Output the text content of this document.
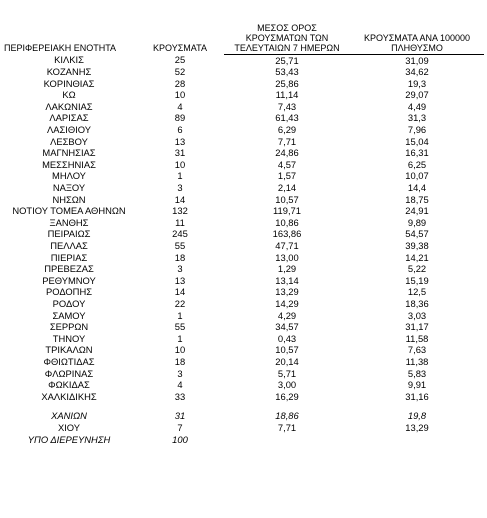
ΠΕΡΙΦΕΡΕΙΑΚΗ ΕΝΟΤΗΤΑ	ΚΡΟΥΣΜΑΤΑ	ΜΕΣΟΣ ΟΡΟΣ ΚΡΟΥΣΜΑΤΩΝ ΤΩΝ ΤΕΛΕΥΤΑΙΩΝ 7 ΗΜΕΡΩΝ	ΚΡΟΥΣΜΑΤΑ ΑΝΑ 100000 ΠΛΗΘΥΣΜΟ
ΚΙΛΚΙΣ	25	25,71	31,09
ΚΟΖΑΝΗΣ	52	53,43	34,62
ΚΟΡΙΝΘΙΑΣ	28	25,86	19,3
ΚΩ	10	11,14	29,07
ΛΑΚΩΝΙΑΣ	4	7,43	4,49
ΛΑΡΙΣΑΣ	89	61,43	31,3
ΛΑΣΙΘΙΟΥ	6	6,29	7,96
ΛΕΣΒΟΥ	13	7,71	15,04
ΜΑΓΝΗΣΙΑΣ	31	24,86	16,31
ΜΕΣΣΗΝΙΑΣ	10	4,57	6,25
ΜΗΛΟΥ	1	1,57	10,07
ΝΑΞΟΥ	3	2,14	14,4
ΝΗΣΩΝ	14	10,57	18,75
ΝΟΤΙΟΥ ΤΟΜΕΑ ΑΘΗΝΩΝ	132	119,71	24,91
ΞΑΝΘΗΣ	11	10,86	9,89
ΠΕΙΡΑΙΩΣ	245	163,86	54,57
ΠΕΛΛΑΣ	55	47,71	39,38
ΠΙΕΡΙΑΣ	18	13,00	14,21
ΠΡΕΒΕΖΑΣ	3	1,29	5,22
ΡΕΘΥΜΝΟΥ	13	13,14	15,19
ΡΟΔΟΠΗΣ	14	13,29	12,5
ΡΟΔΟΥ	22	14,29	18,36
ΣΑΜΟΥ	1	4,29	3,03
ΣΕΡΡΩΝ	55	34,57	31,17
ΤΗΝΟΥ	1	0,43	11,58
ΤΡΙΚΑΛΩΝ	10	10,57	7,63
ΦΘΙΩΤΙΔΑΣ	18	20,14	11,38
ΦΛΩΡΙΝΑΣ	3	5,71	5,83
ΦΩΚΙΔΑΣ	4	3,00	9,91
ΧΑΛΚΙΔΙΚΗΣ	33	16,29	31,16

ΧΑΝΙΩΝ	31	18,86	19,8
ΧΙΟΥ	7	7,71	13,29
ΥΠΟ ΔΙΕΡΕΥΝΗΣΗ	100		
